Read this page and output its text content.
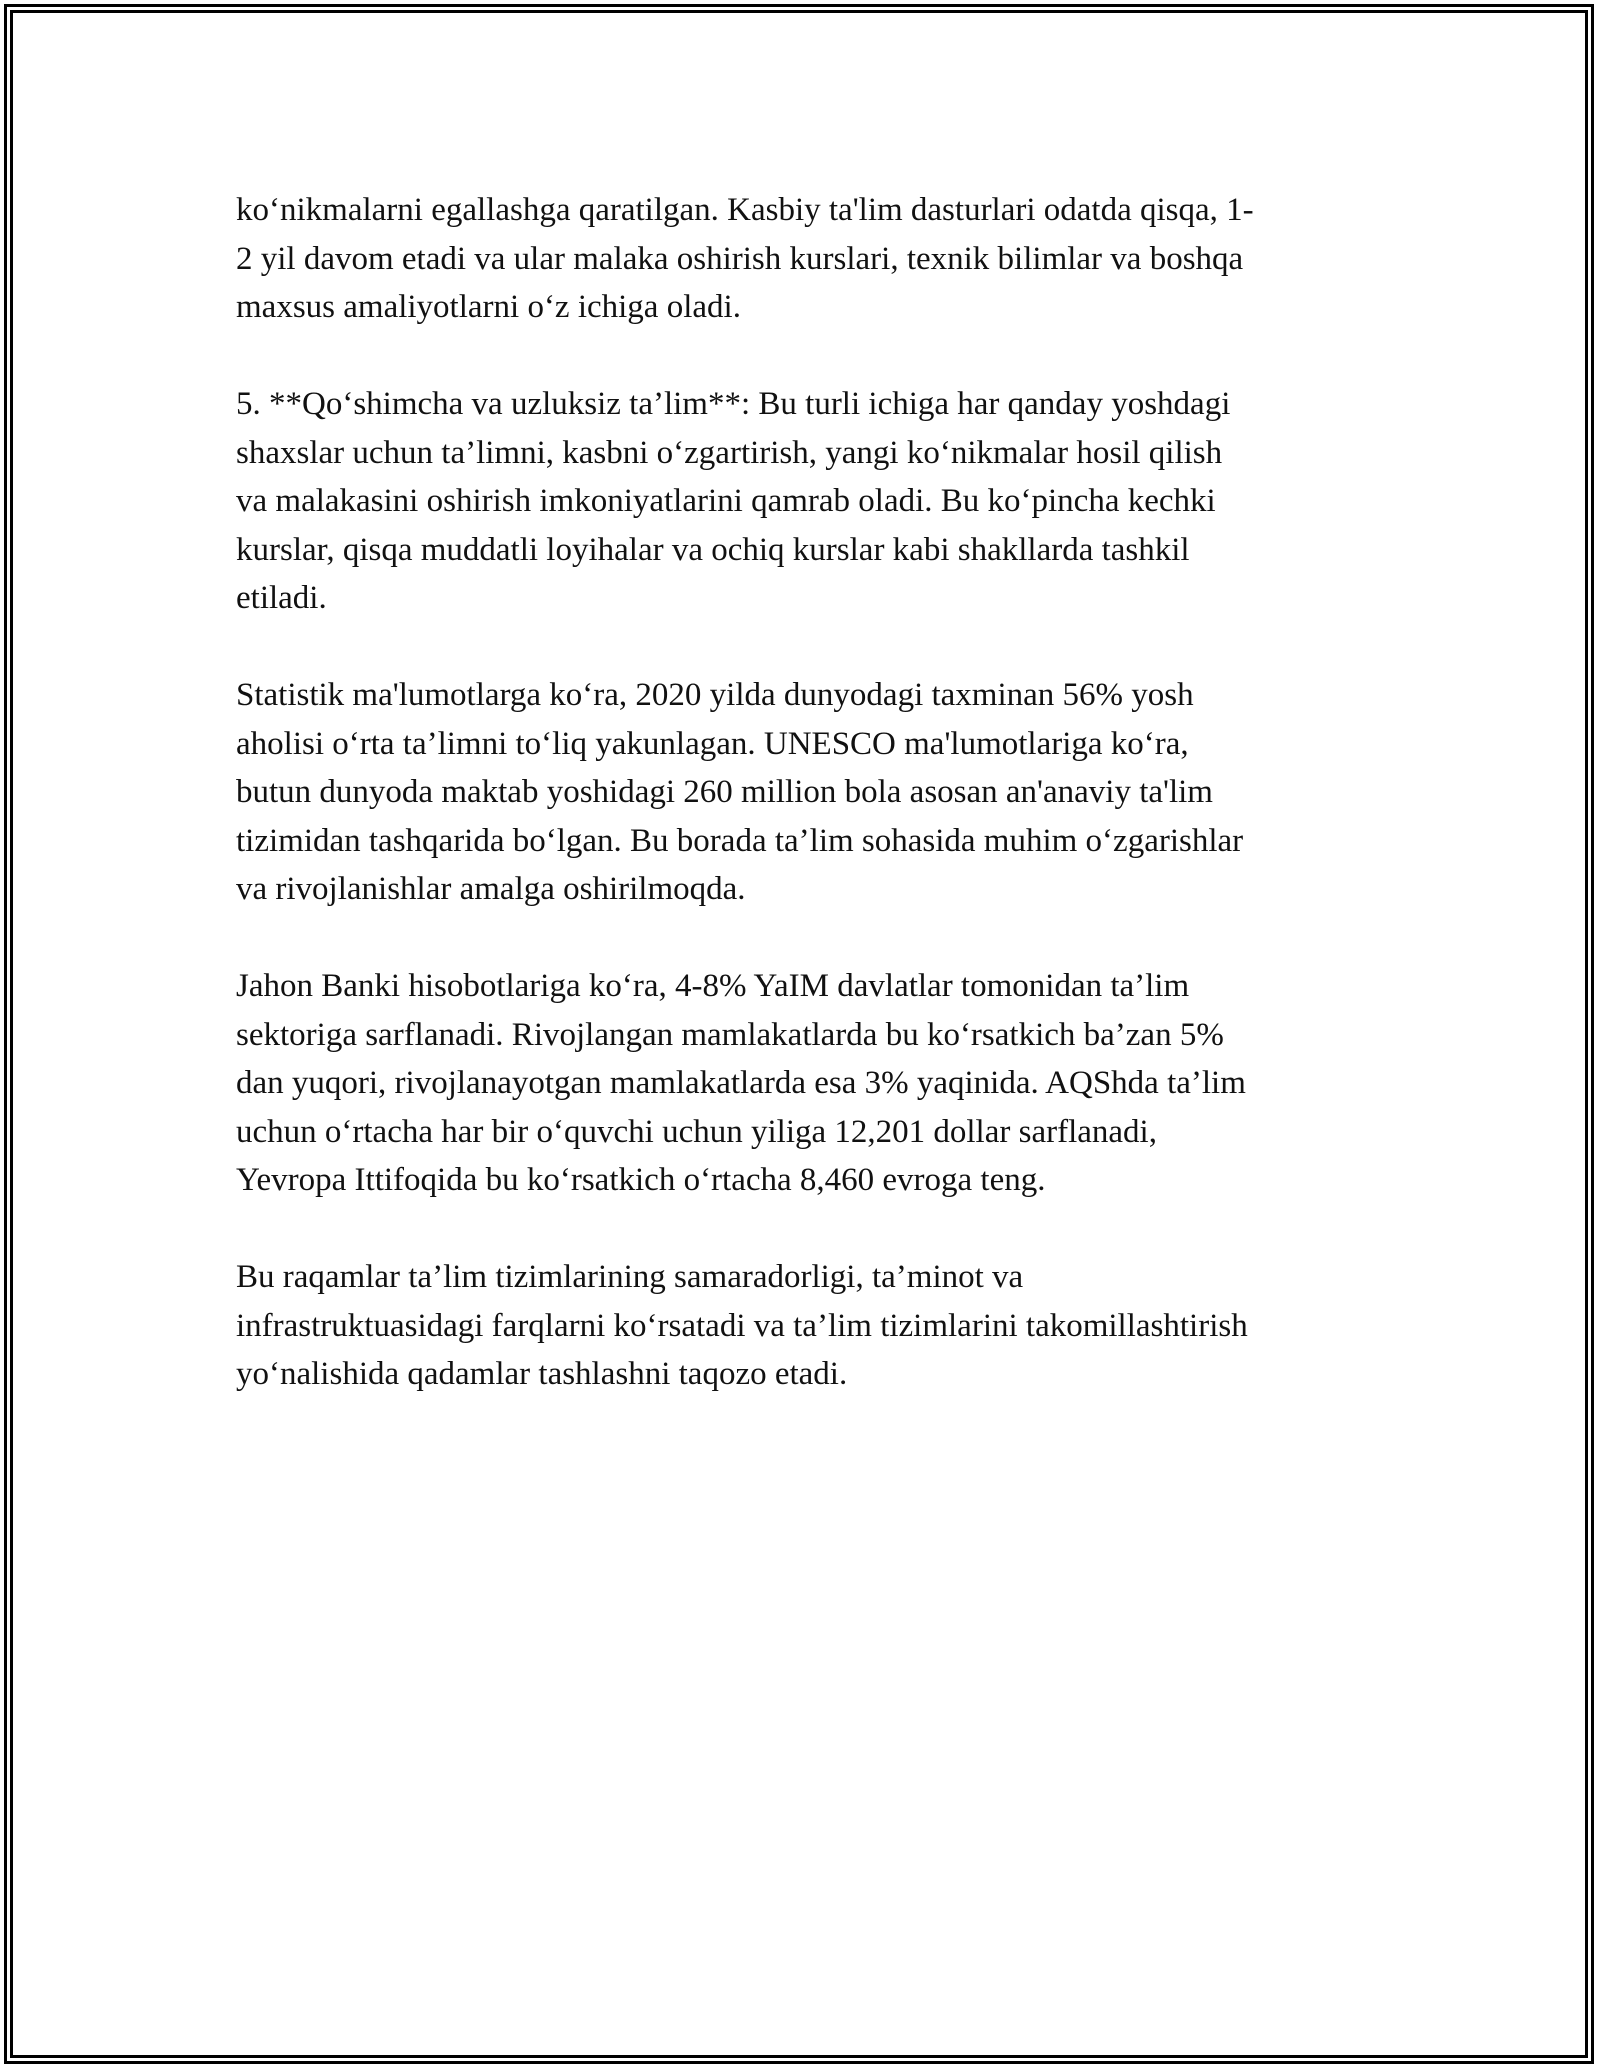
ko‘nikmalarni egallashga qaratilgan. Kasbiy ta'lim dasturlari odatda qisqa, 1-
2 yil davom etadi va ular malaka oshirish kurslari, texnik bilimlar va boshqa
maxsus amaliyotlarni o‘z ichiga oladi.

5. **Qo‘shimcha va uzluksiz ta’lim**: Bu turli ichiga har qanday yoshdagi
shaxslar uchun ta’limni, kasbni o‘zgartirish, yangi ko‘nikmalar hosil qilish
va malakasini oshirish imkoniyatlarini qamrab oladi. Bu ko‘pincha kechki
kurslar, qisqa muddatli loyihalar va ochiq kurslar kabi shakllarda tashkil
etiladi.

Statistik ma'lumotlarga ko‘ra, 2020 yilda dunyodagi taxminan 56% yosh
aholisi o‘rta ta’limni to‘liq yakunlagan. UNESCO ma'lumotlariga ko‘ra,
butun dunyoda maktab yoshidagi 260 million bola asosan an'anaviy ta'lim
tizimidan tashqarida bo‘lgan. Bu borada ta’lim sohasida muhim o‘zgarishlar
va rivojlanishlar amalga oshirilmoqda.

Jahon Banki hisobotlariga ko‘ra, 4-8% YaIM davlatlar tomonidan ta’lim
sektoriga sarflanadi. Rivojlangan mamlakatlarda bu ko‘rsatkich ba’zan 5%
dan yuqori, rivojlanayotgan mamlakatlarda esa 3% yaqinida. AQShda ta’lim
uchun o‘rtacha har bir o‘quvchi uchun yiliga 12,201 dollar sarflanadi,
Yevropa Ittifoqida bu ko‘rsatkich o‘rtacha 8,460 evroga teng.

Bu raqamlar ta’lim tizimlarining samaradorligi, ta’minot va
infrastruktuasidagi farqlarni ko‘rsatadi va ta’lim tizimlarini takomillashtirish
yo‘nalishida qadamlar tashlashni taqozo etadi.
